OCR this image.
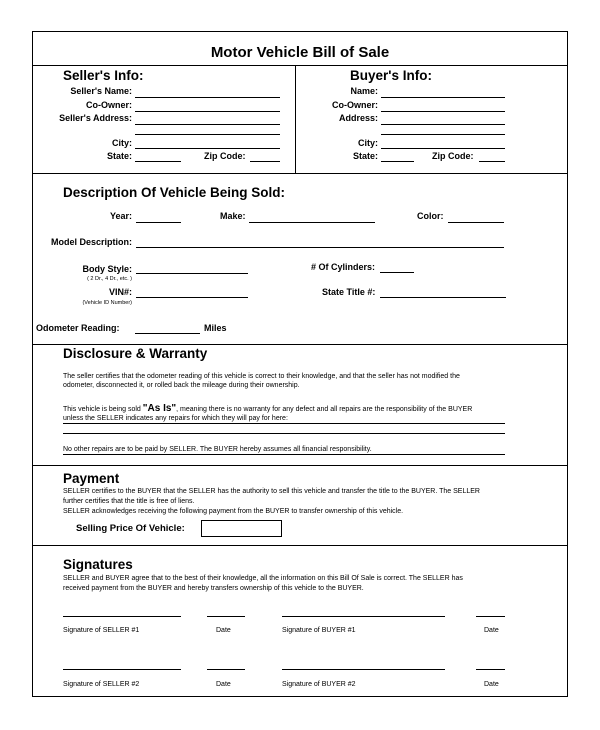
Motor Vehicle Bill of Sale
Seller's Info:
Seller's Name:
Co-Owner:
Seller's Address:
City:
State:	Zip Code:
Buyer's Info:
Name:
Co-Owner:
Address:
City:
State:	Zip Code:
Description Of Vehicle Being Sold:
Year:	Make:	Color:
Model Description:
Body Style:
( 2 Dr., 4 Dr., etc. )
# Of Cylinders:
VIN#:
(Vehicle ID Number)
State Title #:
Odometer Reading:	Miles
Disclosure & Warranty
The seller certifies that the odometer reading of this vehicle is correct to their knowledge, and that the seller has not modified the
odometer, disconnected it, or rolled back the mileage during their ownership.
This vehicle is being sold "As Is", meaning there is no warranty for any defect and all repairs are the responsibility of the BUYER
unless the SELLER indicates any repairs for which they will pay for here:
No other repairs are to be paid by SELLER. The BUYER hereby assumes all financial responsibility.
Payment
SELLER certifies to the BUYER that the SELLER has the authority to sell this vehicle and transfer the title to the BUYER. The SELLER
further certifies that the title is free of liens.
SELLER acknowledges receiving the following payment from the BUYER to transfer ownership of this vehicle.
Selling Price Of Vehicle:
Signatures
SELLER and BUYER agree that to the best of their knowledge, all the information on this Bill Of Sale is correct. The SELLER has
received payment from the BUYER and hereby transfers ownership of this vehicle to the BUYER.
Signature of SELLER #1	Date	Signature of BUYER #1	Date
Signature of SELLER #2	Date	Signature of BUYER #2	Date
